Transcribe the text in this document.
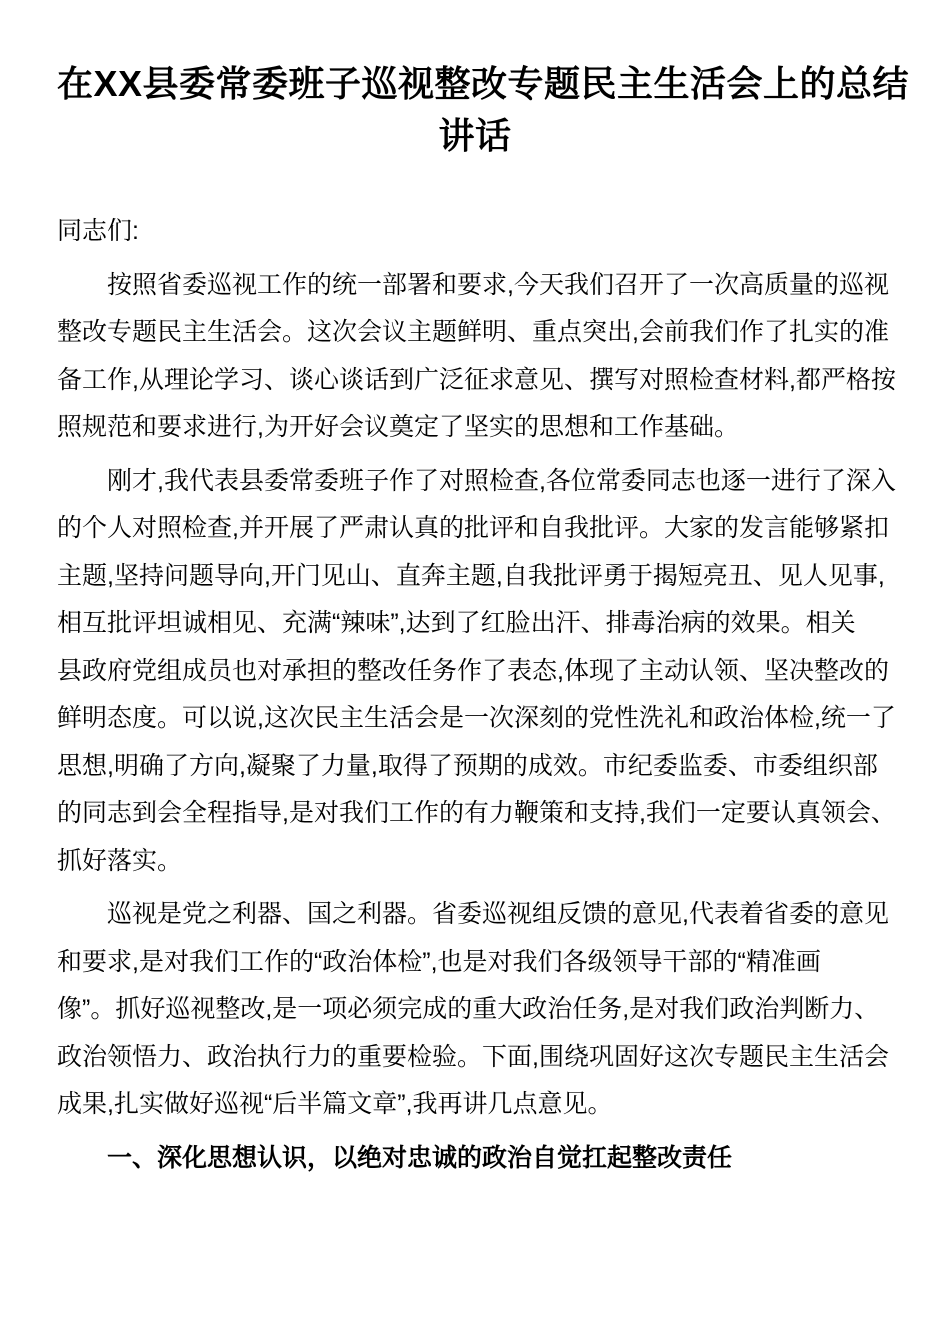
在XX县委常委班子巡视整改专题民主生活会上的总结
讲话
同志们:
按照省委巡视工作的统一部署和要求,今天我们召开了一次高质量的巡视
整改专题民主生活会。这次会议主题鲜明、重点突出,会前我们作了扎实的准
备工作,从理论学习、谈心谈话到广泛征求意见、撰写对照检查材料,都严格按
照规范和要求进行,为开好会议奠定了坚实的思想和工作基础。
刚才,我代表县委常委班子作了对照检查,各位常委同志也逐一进行了深入
的个人对照检查,并开展了严肃认真的批评和自我批评。大家的发言能够紧扣
主题,坚持问题导向,开门见山、直奔主题,自我批评勇于揭短亮丑、见人见事,
相互批评坦诚相见、充满“辣味”,达到了红脸出汗、排毒治病的效果。相关
县政府党组成员也对承担的整改任务作了表态,体现了主动认领、坚决整改的
鲜明态度。可以说,这次民主生活会是一次深刻的党性洗礼和政治体检,统一了
思想,明确了方向,凝聚了力量,取得了预期的成效。市纪委监委、市委组织部
的同志到会全程指导,是对我们工作的有力鞭策和支持,我们一定要认真领会、
抓好落实。
巡视是党之利器、国之利器。省委巡视组反馈的意见,代表着省委的意见
和要求,是对我们工作的“政治体检”,也是对我们各级领导干部的“精准画
像”。抓好巡视整改,是一项必须完成的重大政治任务,是对我们政治判断力、
政治领悟力、政治执行力的重要检验。下面,围绕巩固好这次专题民主生活会
成果,扎实做好巡视“后半篇文章”,我再讲几点意见。
一、深化思想认识，以绝对忠诚的政治自觉扛起整改责任
